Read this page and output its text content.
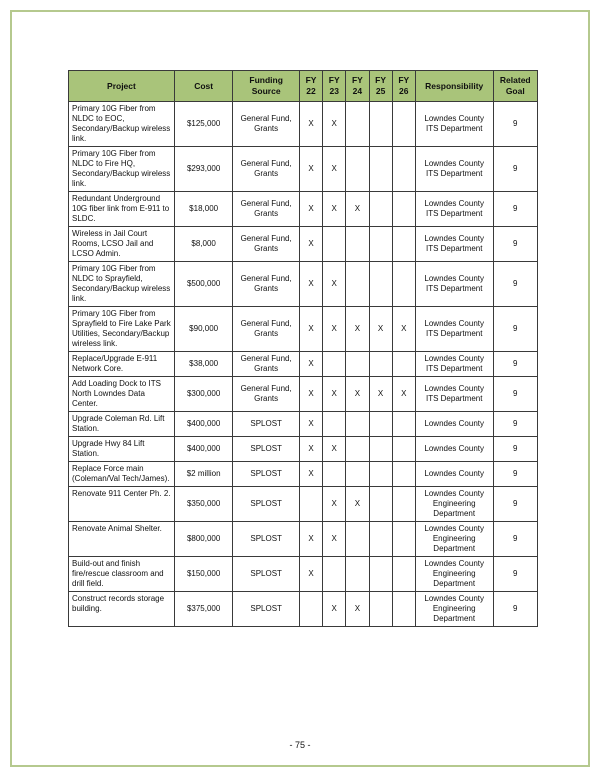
Project	Cost	Funding Source	FY 22	FY 23	FY 24	FY 25	FY 26	Responsibility	Related Goal
Primary 10G Fiber from NLDC to EOC, Secondary/Backup wireless link.	$125,000	General Fund, Grants	X	X				Lowndes County ITS Department	9
Primary 10G Fiber from NLDC to Fire HQ, Secondary/Backup wireless link.	$293,000	General Fund, Grants	X	X				Lowndes County ITS Department	9
Redundant Underground 10G fiber link from E-911 to SLDC.	$18,000	General Fund, Grants	X	X	X			Lowndes County ITS Department	9
Wireless in Jail Court Rooms, LCSO Jail and LCSO Admin.	$8,000	General Fund, Grants	X					Lowndes County ITS Department	9
Primary 10G Fiber from NLDC to Sprayfield, Secondary/Backup wireless link.	$500,000	General Fund, Grants	X	X				Lowndes County ITS Department	9
Primary 10G Fiber from Sprayfield to Fire Lake Park Utilities, Secondary/Backup wireless link.	$90,000	General Fund, Grants	X	X	X	X	X	Lowndes County ITS Department	9
Replace/Upgrade E-911 Network Core.	$38,000	General Fund, Grants	X					Lowndes County ITS Department	9
Add Loading Dock to ITS North Lowndes Data Center.	$300,000	General Fund, Grants	X	X	X	X	X	Lowndes County ITS Department	9
Upgrade Coleman Rd. Lift Station.	$400,000	SPLOST	X					Lowndes County	9
Upgrade Hwy 84 Lift Station.	$400,000	SPLOST	X	X				Lowndes County	9
Replace Force main (Coleman/Val Tech/James).	$2 million	SPLOST	X					Lowndes County	9
Renovate 911 Center Ph. 2.	$350,000	SPLOST		X	X			Lowndes County Engineering Department	9
Renovate Animal Shelter.	$800,000	SPLOST	X	X				Lowndes County Engineering Department	9
Build-out and finish fire/rescue classroom and drill field.	$150,000	SPLOST	X					Lowndes County Engineering Department	9
Construct records storage building.	$375,000	SPLOST		X	X			Lowndes County Engineering Department	9
- 75 -
